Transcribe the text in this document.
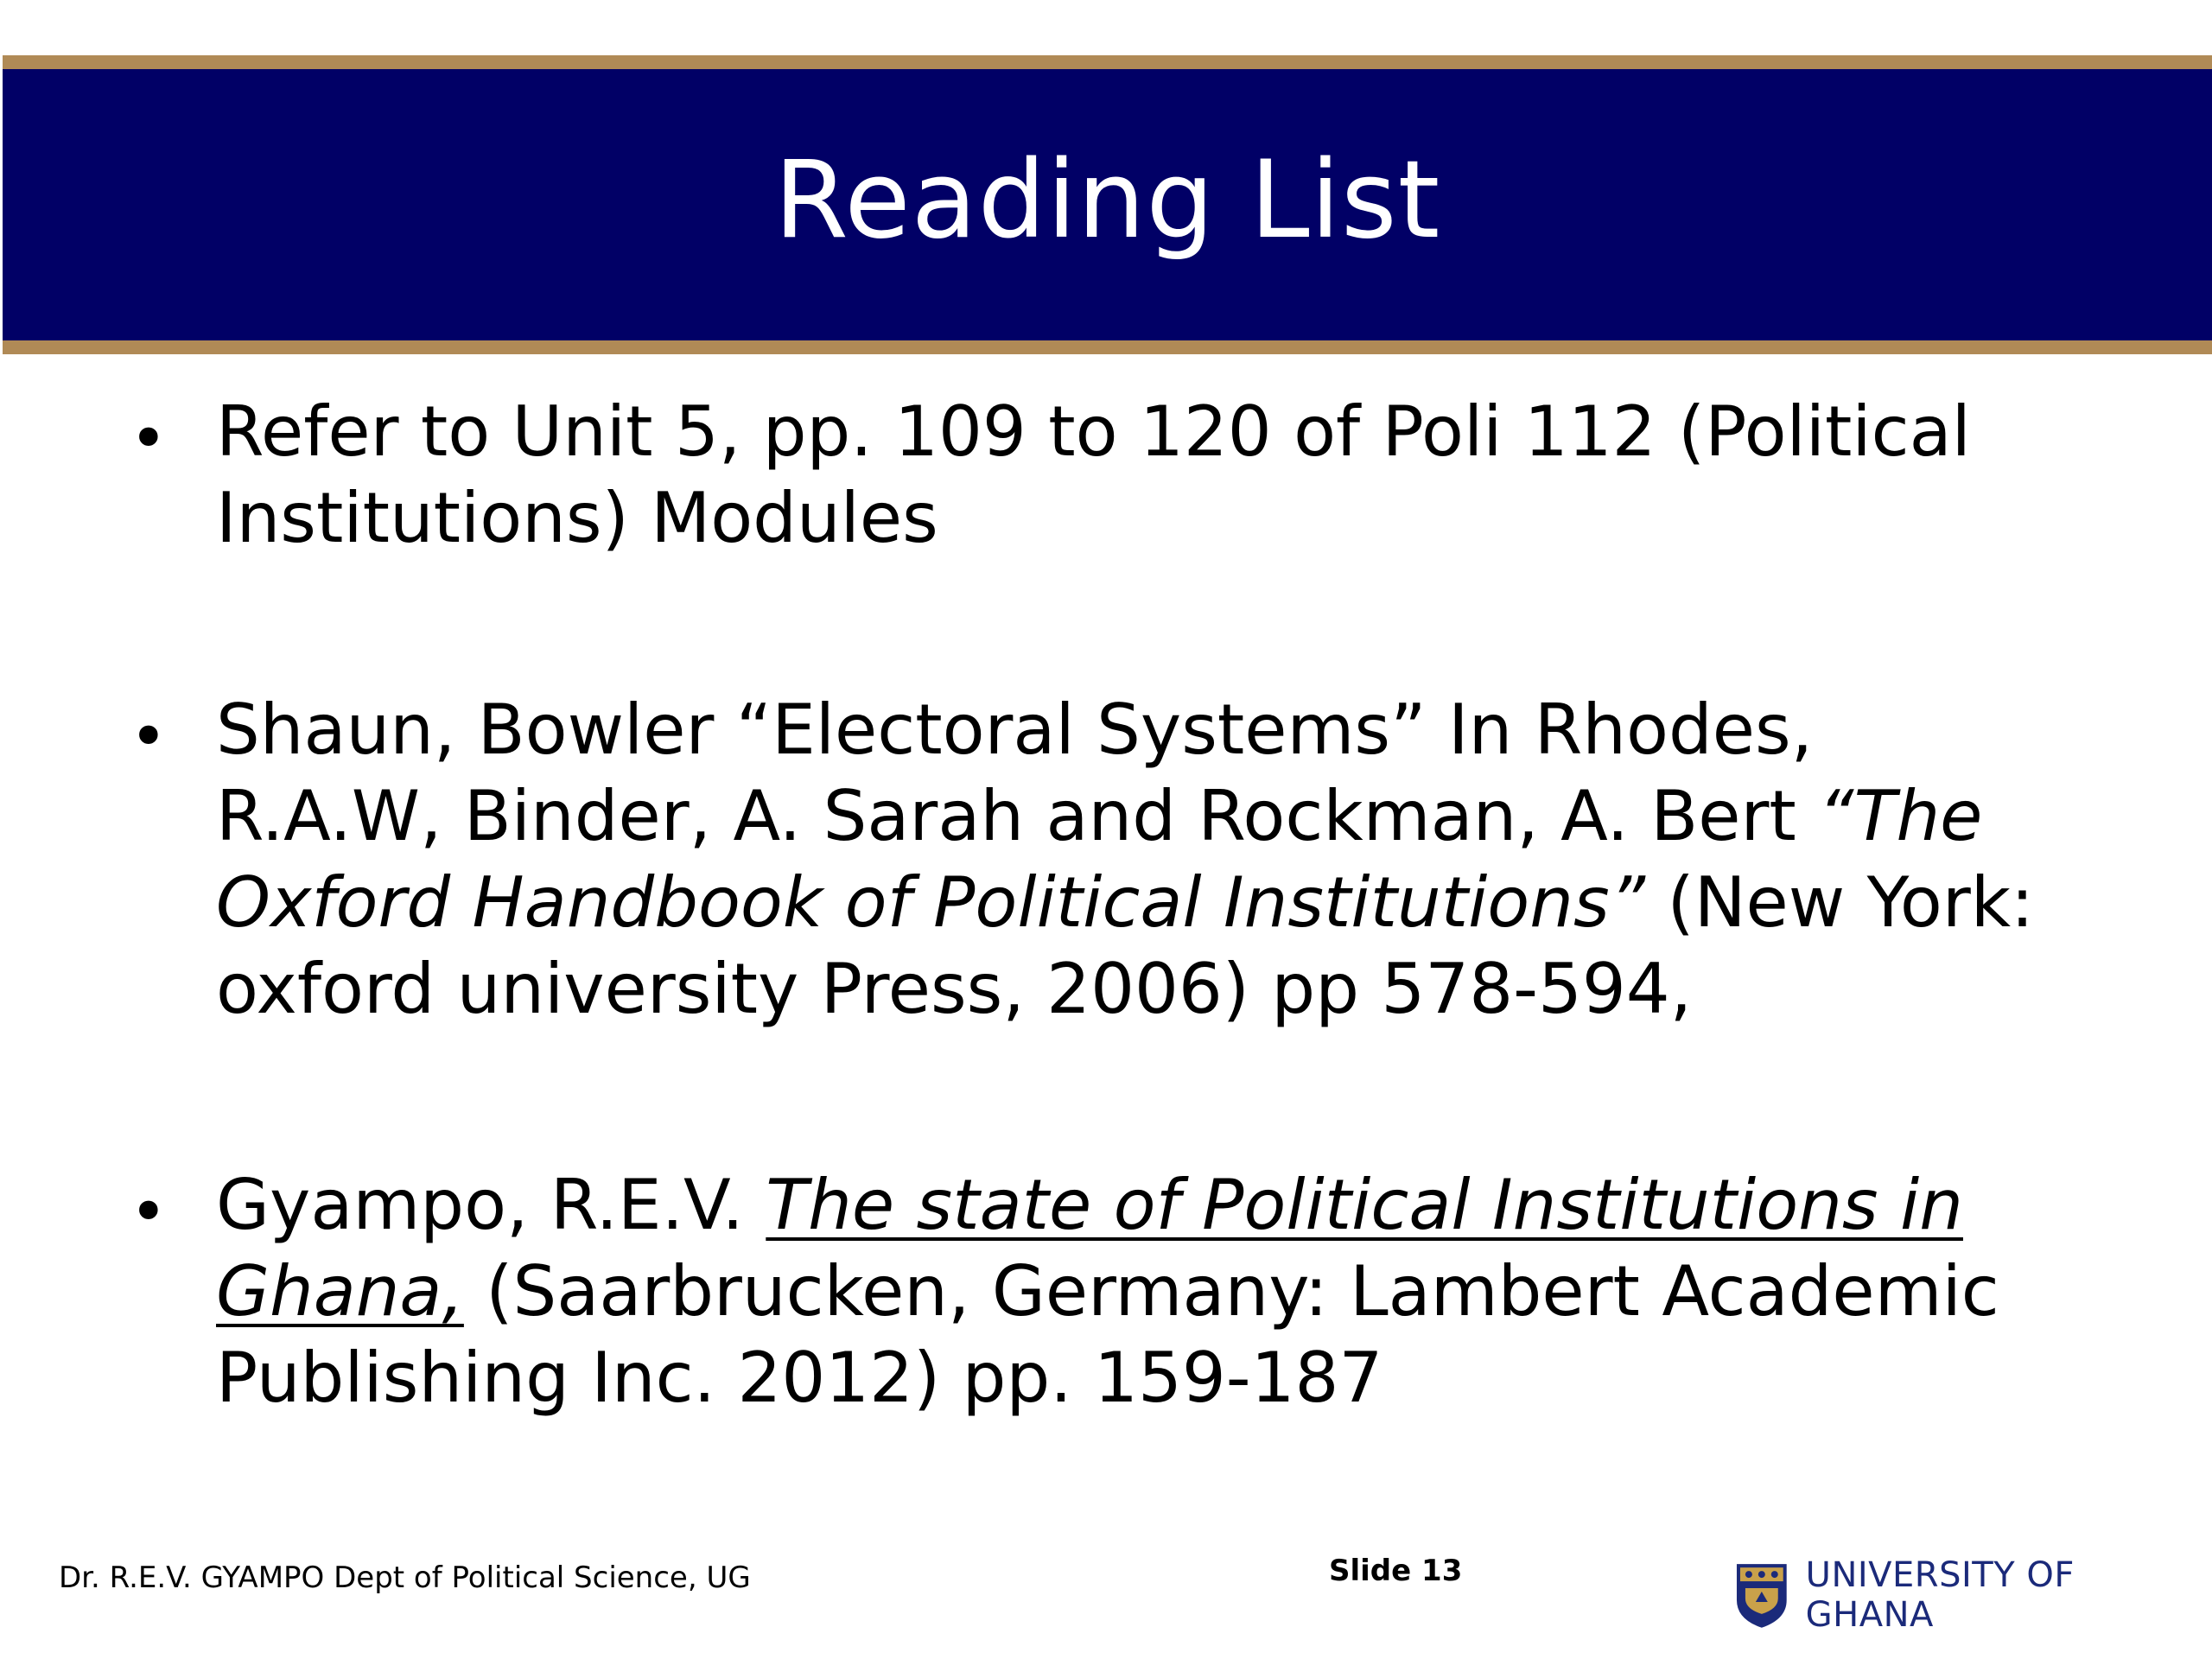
Reading List
• Refer to Unit 5, pp. 109 to 120 of Poli 112 (Political Institutions) Modules
• Shaun, Bowler “Electoral Systems” In Rhodes, R.A.W, Binder, A. Sarah and Rockman, A. Bert “The Oxford Handbook of Political Institutions” (New York: oxford university Press, 2006) pp 578-594,
• Gyampo, R.E.V. The state of Political Institutions in Ghana, (Saarbrucken, Germany: Lambert Academic Publishing Inc. 2012) pp. 159-187
Dr. R.E.V. GYAMPO Dept of Political Science, UG	Slide 13	UNIVERSITY OF GHANA
